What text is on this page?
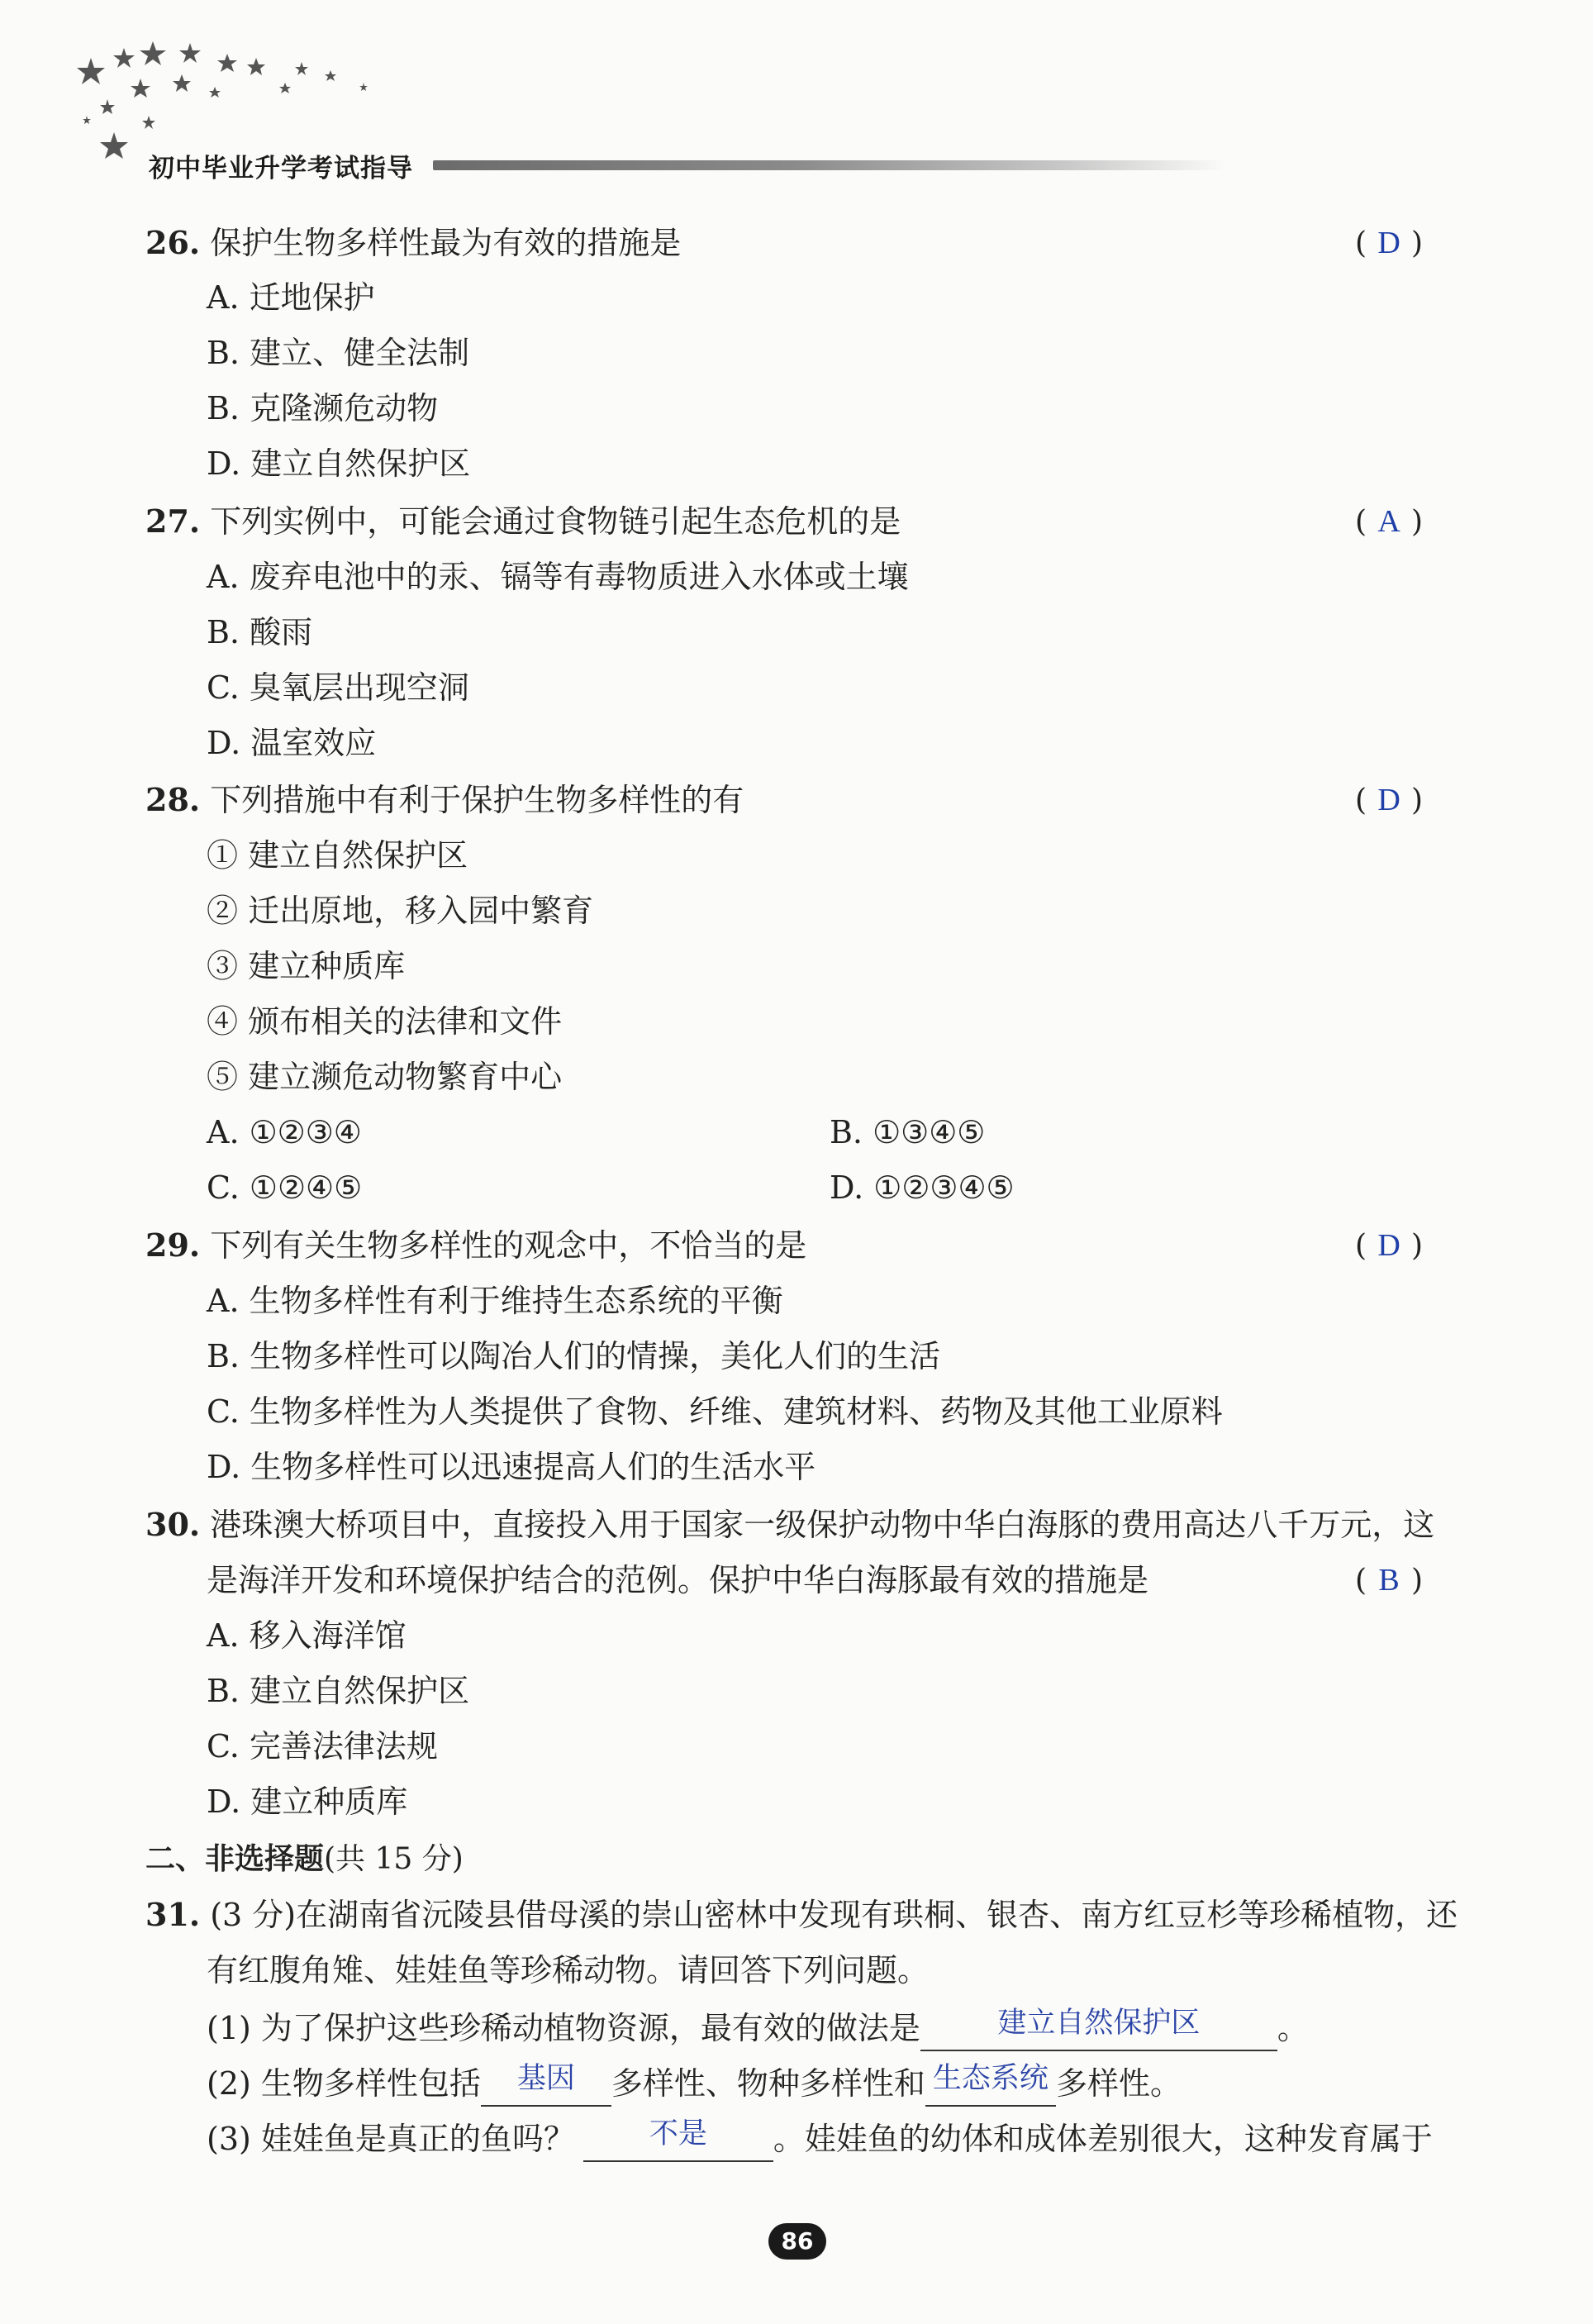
初中毕业升学考试指导
26. 保护生物多样性最为有效的措施是	( D )
A. 迁地保护
B. 建立、健全法制
B. 克隆濒危动物
D. 建立自然保护区
27. 下列实例中，可能会通过食物链引起生态危机的是	( A )
A. 废弃电池中的汞、镉等有毒物质进入水体或土壤
B. 酸雨
C. 臭氧层出现空洞
D. 温室效应
28. 下列措施中有利于保护生物多样性的有	( D )
① 建立自然保护区
② 迁出原地，移入园中繁育
③ 建立种质库
④ 颁布相关的法律和文件
⑤ 建立濒危动物繁育中心
A. ①②③④	B. ①③④⑤
C. ①②④⑤	D. ①②③④⑤
29. 下列有关生物多样性的观念中，不恰当的是	( D )
A. 生物多样性有利于维持生态系统的平衡
B. 生物多样性可以陶冶人们的情操，美化人们的生活
C. 生物多样性为人类提供了食物、纤维、建筑材料、药物及其他工业原料
D. 生物多样性可以迅速提高人们的生活水平
30. 港珠澳大桥项目中，直接投入用于国家一级保护动物中华白海豚的费用高达八千万元，这
是海洋开发和环境保护结合的范例。保护中华白海豚最有效的措施是	( B )
A. 移入海洋馆
B. 建立自然保护区
C. 完善法律法规
D. 建立种质库
二、非选择题(共 15 分)
31. (3 分)在湖南省沅陵县借母溪的崇山密林中发现有珙桐、银杏、南方红豆杉等珍稀植物，还
有红腹角雉、娃娃鱼等珍稀动物。请回答下列问题。
(1) 为了保护这些珍稀动植物资源，最有效的做法是	建立自然保护区 。
(2) 生物多样性包括 基因 多样性、物种多样性和 生态系统 多样性。
(3) 娃娃鱼是真正的鱼吗？	不是 。娃娃鱼的幼体和成体差别很大，这种发育属于
86
